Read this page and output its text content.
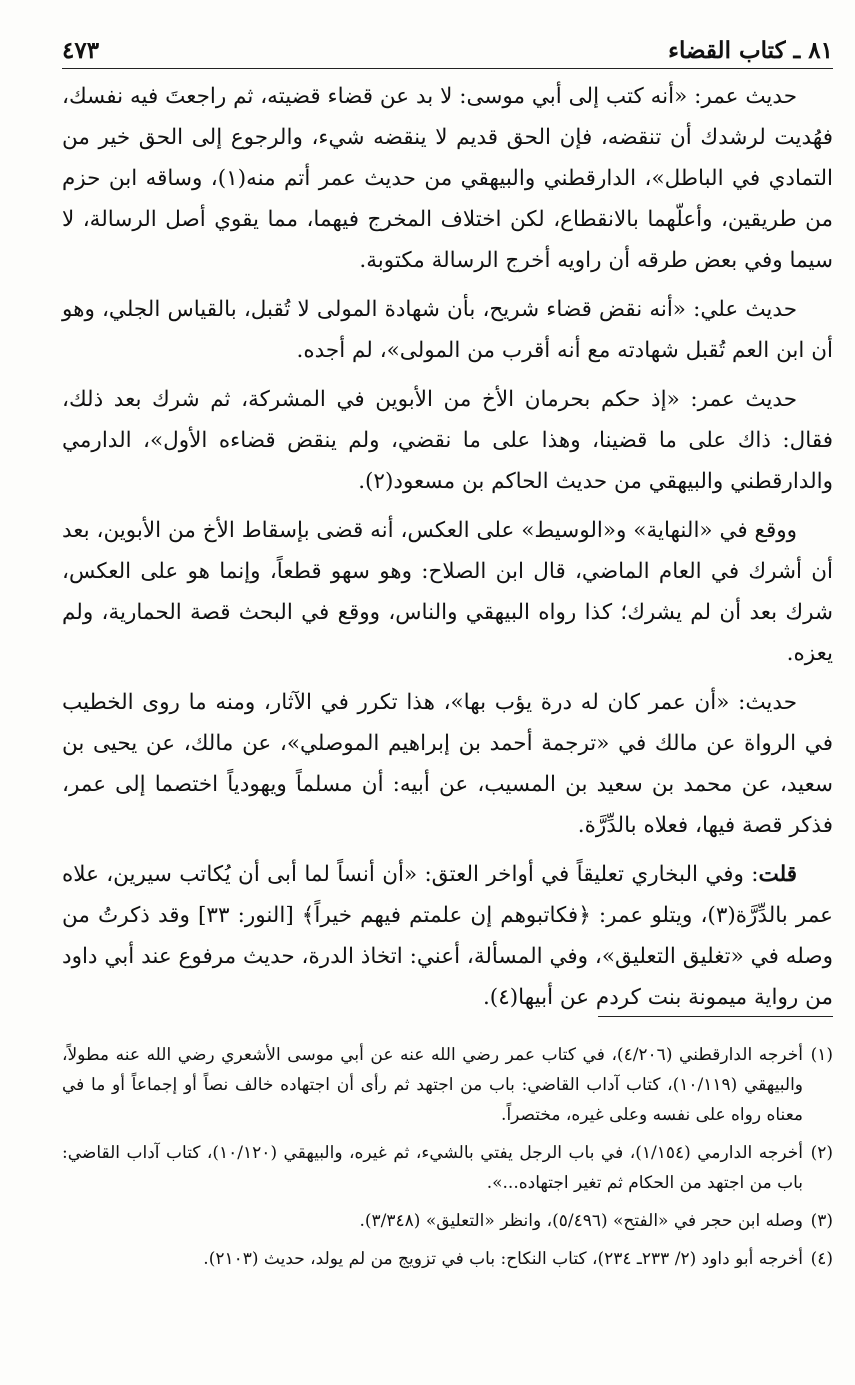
٨١ ـ كتاب القضاء
٤٧٣

حديث عمر: «أنه كتب إلى أبي موسى: لا بد عن قضاء قضيته، ثم راجعتَ فيه نفسك، فهُديت لرشدك أن تنقضه، فإن الحق قديم لا ينقضه شيء، والرجوع إلى الحق خير من التمادي في الباطل»، الدارقطني والبيهقي من حديث عمر أتم منه(١)، وساقه ابن حزم من طريقين، وأعلّهما بالانقطاع، لكن اختلاف المخرج فيهما، مما يقوي أصل الرسالة، لا سيما وفي بعض طرقه أن راويه أخرج الرسالة مكتوبة.

حديث علي: «أنه نقض قضاء شريح، بأن شهادة المولى لا تُقبل، بالقياس الجلي، وهو أن ابن العم تُقبل شهادته مع أنه أقرب من المولى»، لم أجده.

حديث عمر: «إذ حكم بحرمان الأخ من الأبوين في المشركة، ثم شرك بعد ذلك، فقال: ذاك على ما قضينا، وهذا على ما نقضي، ولم ينقض قضاءه الأول»، الدارمي والدارقطني والبيهقي من حديث الحاكم بن مسعود(٢).

ووقع في «النهاية» و«الوسيط» على العكس، أنه قضى بإسقاط الأخ من الأبوين، بعد أن أشرك في العام الماضي، قال ابن الصلاح: وهو سهو قطعاً، وإنما هو على العكس، شرك بعد أن لم يشرك؛ كذا رواه البيهقي والناس، ووقع في البحث قصة الحمارية، ولم يعزه.

حديث: «أن عمر كان له درة يؤب بها»، هذا تكرر في الآثار، ومنه ما روى الخطيب في الرواة عن مالك في «ترجمة أحمد بن إبراهيم الموصلي»، عن مالك، عن يحيى بن سعيد، عن محمد بن سعيد بن المسيب، عن أبيه: أن مسلماً ويهودياً اختصما إلى عمر، فذكر قصة فيها، فعلاه بالدِّرَّة.

قلت: وفي البخاري تعليقاً في أواخر العتق: «أن أنساً لما أبى أن يُكاتب سيرين، علاه عمر بالدِّرَّة(٣)، ويتلو عمر: ﴿فكاتبوهم إن علمتم فيهم خيراً﴾ [النور: ٣٣] وقد ذكرتُ من وصله في «تغليق التعليق»، وفي المسألة، أعني: اتخاذ الدرة، حديث مرفوع عند أبي داود من رواية ميمونة بنت كردم عن أبيها(٤).

(١)
أخرجه الدارقطني (٤/٢٠٦)، في كتاب عمر رضي الله عنه عن أبي موسى الأشعري رضي الله عنه مطولاً، والبيهقي (١٠/١١٩)، كتاب آداب القاضي: باب من اجتهد ثم رأى أن اجتهاده خالف نصاً أو إجماعاً أو ما في معناه رواه على نفسه وعلى غيره، مختصراً.

(٢)
أخرجه الدارمي (١/١٥٤)، في باب الرجل يفتي بالشيء، ثم غيره، والبيهقي (١٠/١٢٠)، كتاب آداب القاضي: باب من اجتهد من الحكام ثم تغير اجتهاده...».

(٣)
وصله ابن حجر في «الفتح» (٥/٤٩٦)، وانظر «التعليق» (٣/٣٤٨).

(٤)
أخرجه أبو داود (٢/ ٢٣٣ـ ٢٣٤)، كتاب النكاح: باب في تزويج من لم يولد، حديث (٢١٠٣).
